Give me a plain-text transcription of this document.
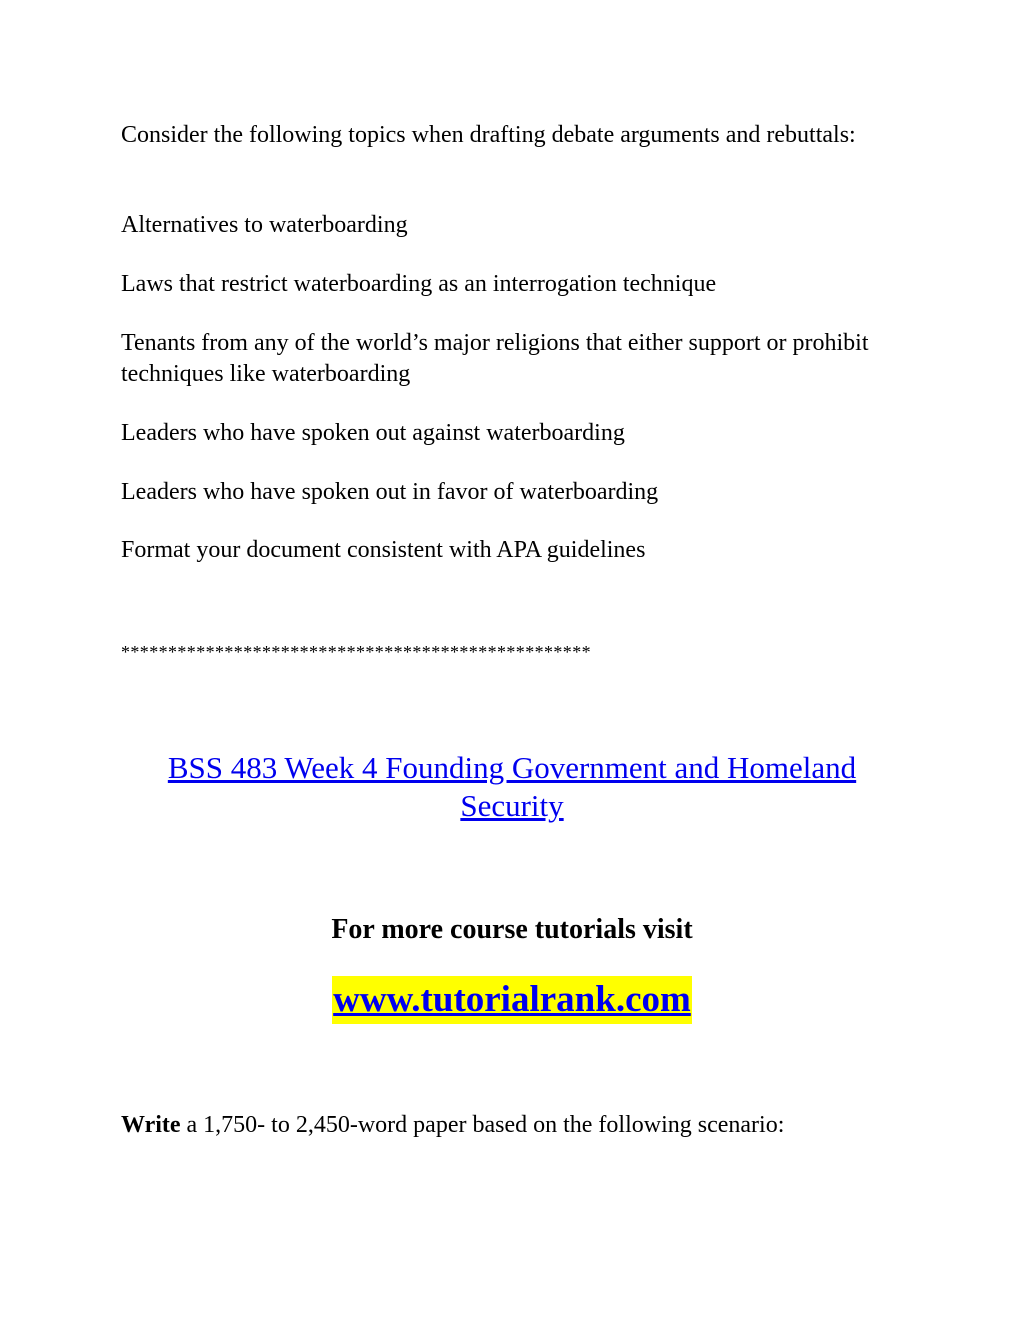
Consider the following topics when drafting debate arguments and rebuttals:

Alternatives to waterboarding

Laws that restrict waterboarding as an interrogation technique

Tenants from any of the world’s major religions that either support or prohibit techniques like waterboarding

Leaders who have spoken out against waterboarding

Leaders who have spoken out in favor of waterboarding

Format your document consistent with APA guidelines

**************************************************

BSS 483 Week 4 Founding Government and Homeland Security

For more course tutorials visit

www.tutorialrank.com

Write a 1,750- to 2,450-word paper based on the following scenario:
